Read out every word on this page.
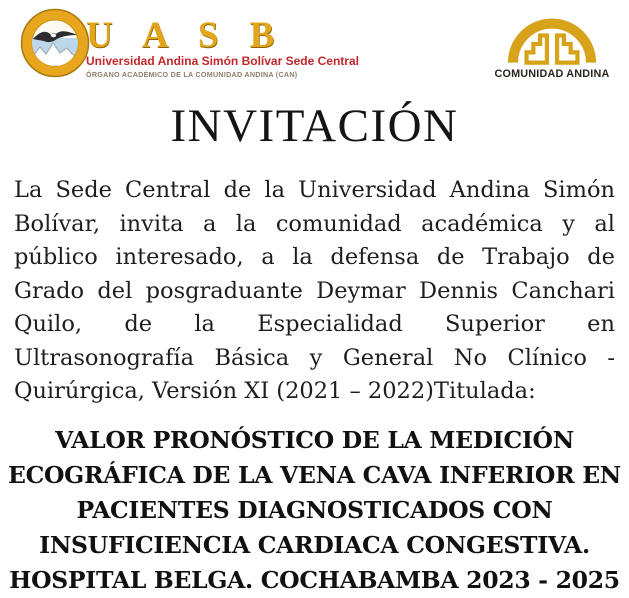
U A S B
Universidad Andina Simón Bolívar Sede Central
ÓRGANO ACADÉMICO DE LA COMUNIDAD ANDINA (CAN)	COMUNIDAD ANDINA
INVITACIÓN
La Sede Central de la Universidad Andina Simón Bolívar, invita a la comunidad académica y al público interesado, a la defensa de Trabajo de Grado del posgraduante Deymar Dennis Canchari Quilo, de la Especialidad Superior en Ultrasonografía Básica y General No Clínico - Quirúrgica, Versión XI (2021 – 2022)Titulada:
VALOR PRONÓSTICO DE LA MEDICIÓN ECOGRÁFICA DE LA VENA CAVA INFERIOR EN PACIENTES DIAGNOSTICADOS CON INSUFICIENCIA CARDIACA CONGESTIVA. HOSPITAL BELGA. COCHABAMBA 2023 - 2025
